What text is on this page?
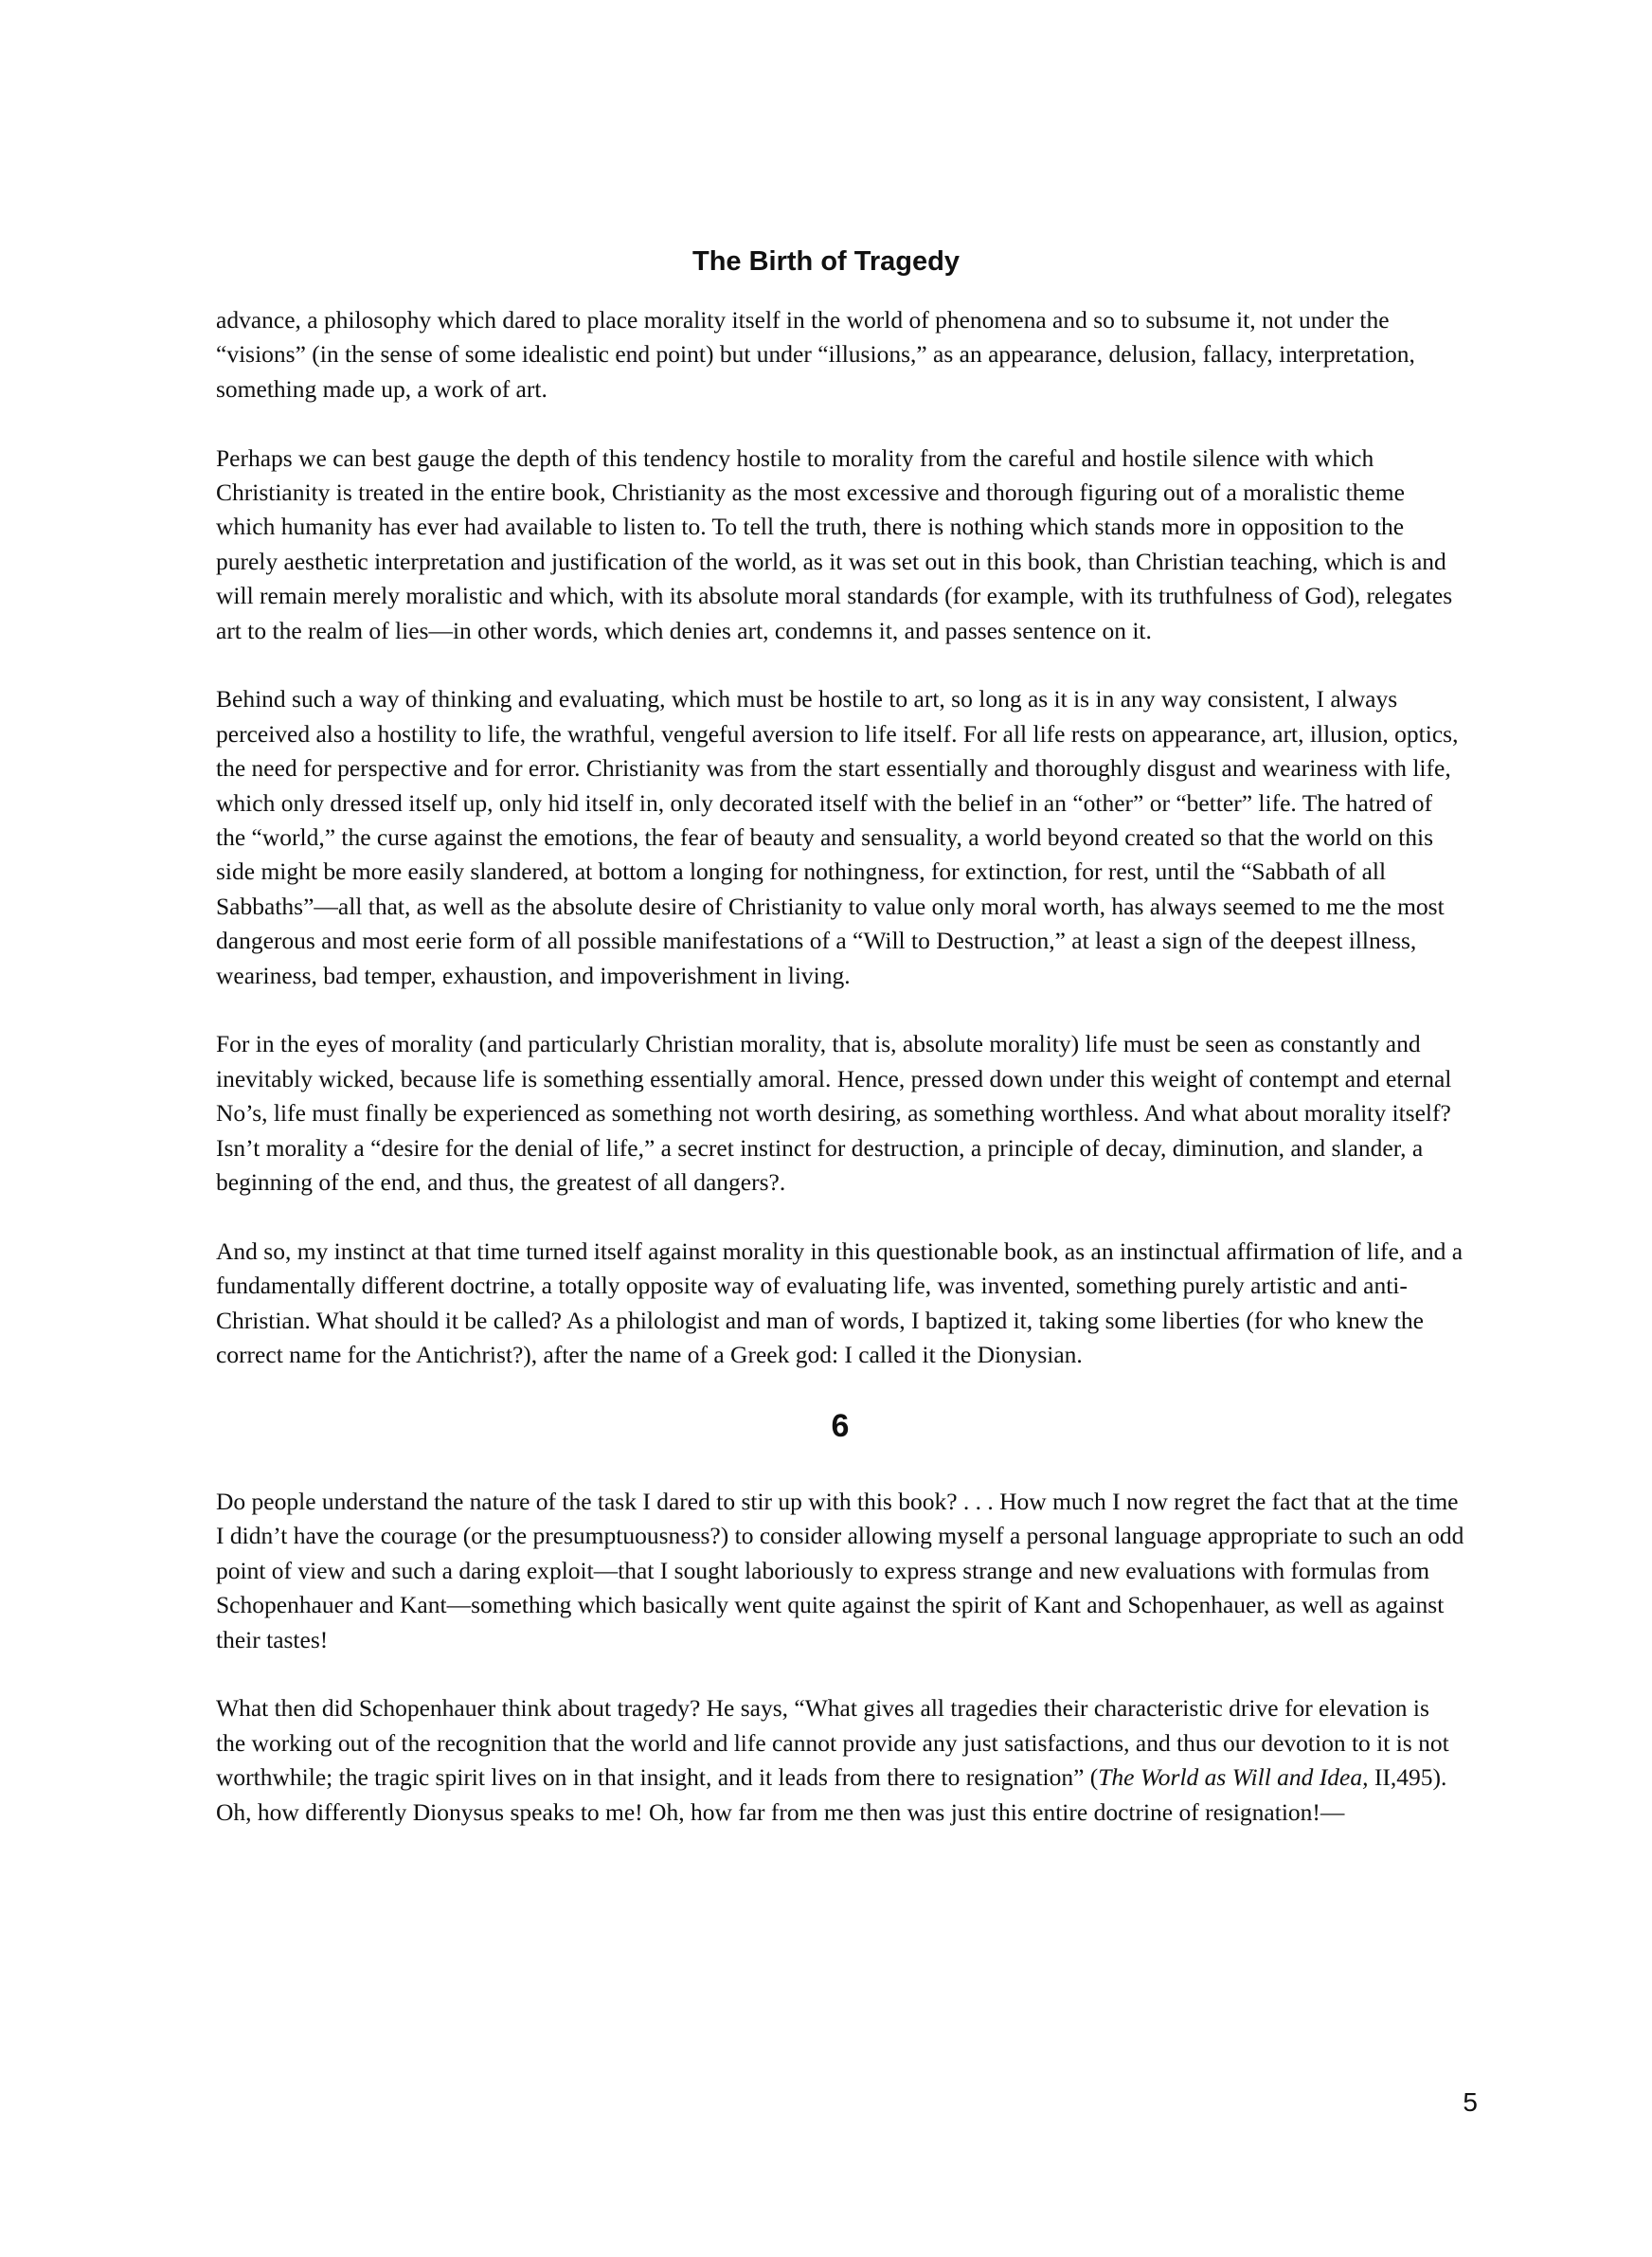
The Birth of Tragedy

advance, a philosophy which dared to place morality itself in the world of phenomena and so to subsume it, not under the “visions” (in the sense of some idealistic end point) but under “illusions,” as an appearance, delusion, fallacy, interpretation, something made up, a work of art.

Perhaps we can best gauge the depth of this tendency hostile to morality from the careful and hostile silence with which Christianity is treated in the entire book, Christianity as the most excessive and thorough figuring out of a moralistic theme which humanity has ever had available to listen to. To tell the truth, there is nothing which stands more in opposition to the purely aesthetic interpretation and justification of the world, as it was set out in this book, than Christian teaching, which is and will remain merely moralistic and which, with its absolute moral standards (for example, with its truthfulness of God), relegates art to the realm of lies—in other words, which denies art, condemns it, and passes sentence on it.

Behind such a way of thinking and evaluating, which must be hostile to art, so long as it is in any way consistent, I always perceived also a hostility to life, the wrathful, vengeful aversion to life itself. For all life rests on appearance, art, illusion, optics, the need for perspective and for error. Christianity was from the start essentially and thoroughly disgust and weariness with life, which only dressed itself up, only hid itself in, only decorated itself with the belief in an “other” or “better” life. The hatred of the “world,” the curse against the emotions, the fear of beauty and sensuality, a world beyond created so that the world on this side might be more easily slandered, at bottom a longing for nothingness, for extinction, for rest, until the “Sabbath of all Sabbaths”—all that, as well as the absolute desire of Christianity to value only moral worth, has always seemed to me the most dangerous and most eerie form of all possible manifestations of a “Will to Destruction,” at least a sign of the deepest illness, weariness, bad temper, exhaustion, and impoverishment in living.

For in the eyes of morality (and particularly Christian morality, that is, absolute morality) life must be seen as constantly and inevitably wicked, because life is something essentially amoral. Hence, pressed down under this weight of contempt and eternal No’s, life must finally be experienced as something not worth desiring, as something worthless. And what about morality itself? Isn’t morality a “desire for the denial of life,” a secret instinct for destruction, a principle of decay, diminution, and slander, a beginning of the end, and thus, the greatest of all dangers?.

And so, my instinct at that time turned itself against morality in this questionable book, as an instinctual affirmation of life, and a fundamentally different doctrine, a totally opposite way of evaluating life, was invented, something purely artistic and anti-Christian. What should it be called? As a philologist and man of words, I baptized it, taking some liberties (for who knew the correct name for the Antichrist?), after the name of a Greek god: I called it the Dionysian.

6

Do people understand the nature of the task I dared to stir up with this book? . . . How much I now regret the fact that at the time I didn’t have the courage (or the presumptuousness?) to consider allowing myself a personal language appropriate to such an odd point of view and such a daring exploit—that I sought laboriously to express strange and new evaluations with formulas from Schopenhauer and Kant—something which basically went quite against the spirit of Kant and Schopenhauer, as well as against their tastes!

What then did Schopenhauer think about tragedy? He says, “What gives all tragedies their characteristic drive for elevation is the working out of the recognition that the world and life cannot provide any just satisfactions, and thus our devotion to it is not worthwhile; the tragic spirit lives on in that insight, and it leads from there to resignation” (The World as Will and Idea, II,495). Oh, how differently Dionysus speaks to me! Oh, how far from me then was just this entire doctrine of resignation!—

5
